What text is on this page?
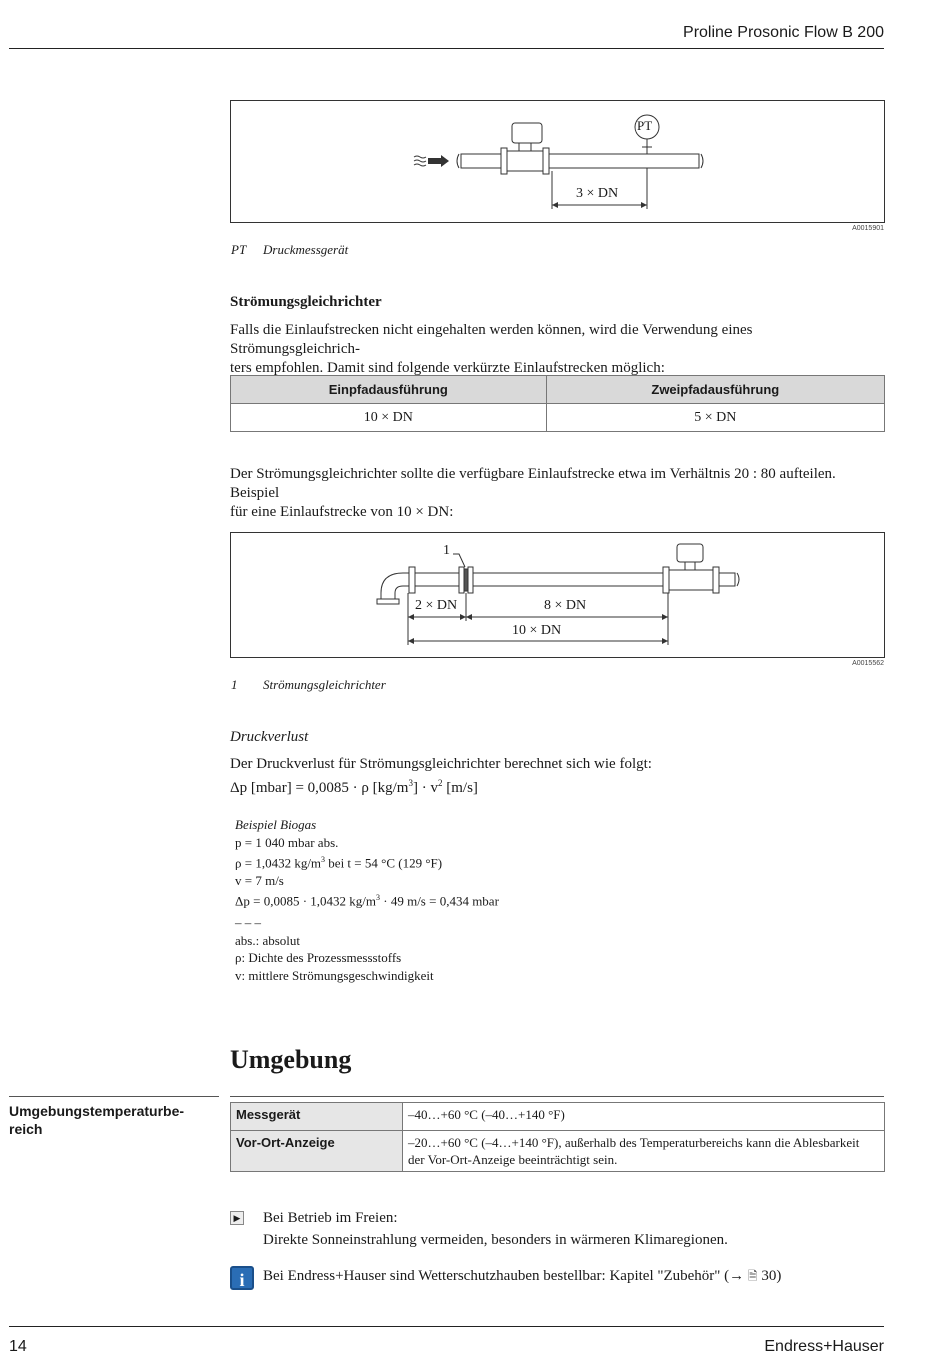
Proline Prosonic Flow B 200
PT
3 × DN
A0015901
PT Druckmessgerät
Strömungsgleichrichter
Falls die Einlaufstrecken nicht eingehalten werden können, wird die Verwendung eines Strömungsgleichrich-
ters empfohlen. Damit sind folgende verkürzte Einlaufstrecken möglich:
Einpfadausführung	Zweipfadausführung
10 × DN	5 × DN
Der Strömungsgleichrichter sollte die verfügbare Einlaufstrecke etwa im Verhältnis 20 : 80 aufteilen. Beispiel
für eine Einlaufstrecke von 10 × DN:
1
2 × DN	8 × DN
10 × DN
A0015562
1 Strömungsgleichrichter
Druckverlust
Der Druckverlust für Strömungsgleichrichter berechnet sich wie folgt:
Δp [mbar] = 0,0085 · ρ $[kg/m^3] \cdot v^2$ [m/s]
Beispiel Biogas
p = 1 040 mbar abs.
ρ = 1,0432 $kg/m^3$ bei t = 54 °C (129 °F)
v = 7 m/s
Δp = 0,0085 · 1,0432 $kg/m^3 \cdot 49$ m/s = 0,434 mbar
– – –
abs.: absolut
ρ: Dichte des Prozessmessstoffs
v: mittlere Strömungsgeschwindigkeit
Umgebung
Umgebungstemperaturbe-
reich
Messgerät	–40…+60 °C (–40…+140 °F)
Vor-Ort-Anzeige	–20…+60 °C (–4…+140 °F), außerhalb des Temperaturbereichs kann die Ablesbarkeit der Vor-Ort-Anzeige beeinträchtigt sein.
▶ Bei Betrieb im Freien:
Direkte Sonneinstrahlung vermeiden, besonders in wärmeren Klimaregionen.
i	Bei Endress+Hauser sind Wetterschutzhauben bestellbar: Kapitel "Zubehör" (→ 🗎 30)
14	Endress+Hauser
